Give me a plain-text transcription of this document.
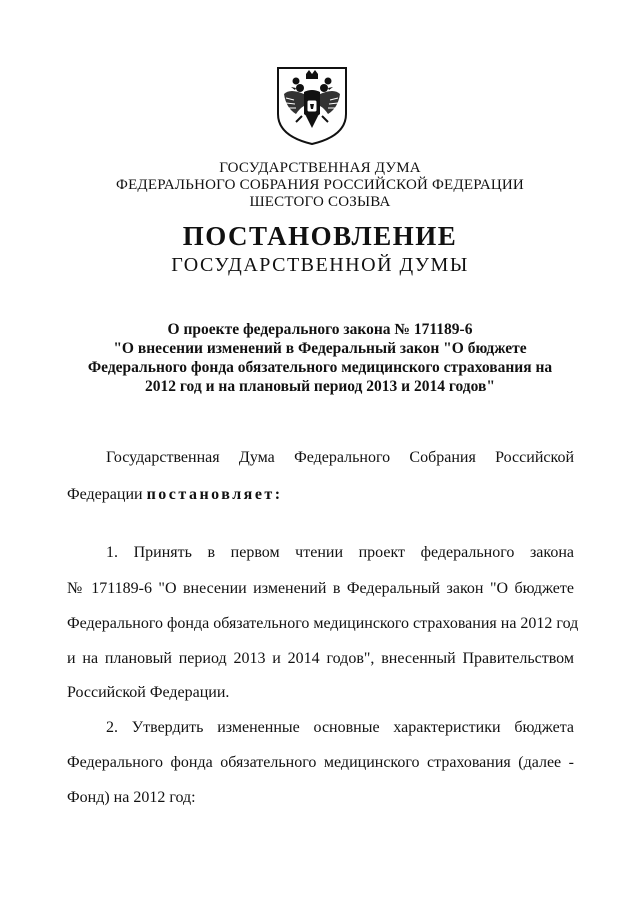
ГОСУДАРСТВЕННАЯ ДУМА
ФЕДЕРАЛЬНОГО СОБРАНИЯ РОССИЙСКОЙ ФЕДЕРАЦИИ
ШЕСТОГО СОЗЫВА
ПОСТАНОВЛЕНИЕ
ГОСУДАРСТВЕННОЙ ДУМЫ
О проекте федерального закона № 171189-6
"О внесении изменений в Федеральный закон "О бюджете
Федерального фонда обязательного медицинского страхования на
2012 год и на плановый период 2013 и 2014 годов"
Государственная Дума Федерального Собрания Российской
Федерации постановляет:
1. Принять в первом чтении проект федерального закона
№ 171189-6 "О внесении изменений в Федеральный закон "О бюджете
Федерального фонда обязательного медицинского страхования на 2012 год
и на плановый период 2013 и 2014 годов", внесенный Правительством
Российской Федерации.
2. Утвердить измененные основные характеристики бюджета
Федерального фонда обязательного медицинского страхования (далее -
Фонд) на 2012 год:
